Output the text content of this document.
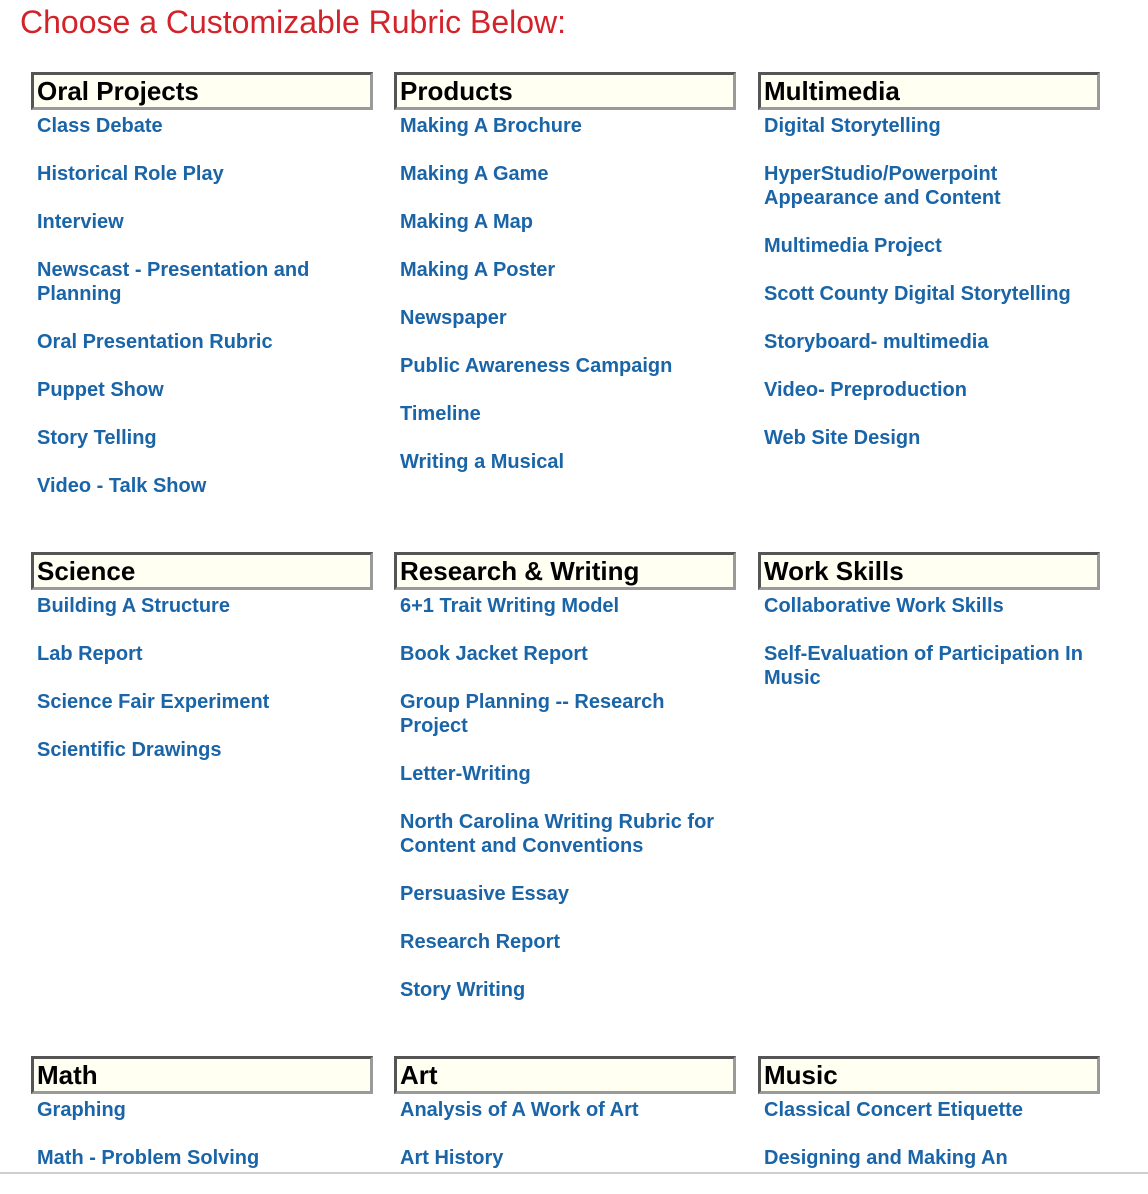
Choose a Customizable Rubric Below:
Oral Projects
Class Debate
Historical Role Play
Interview
Newscast - Presentation and Planning
Oral Presentation Rubric
Puppet Show
Story Telling
Video - Talk Show
Products
Making A Brochure
Making A Game
Making A Map
Making A Poster
Newspaper
Public Awareness Campaign
Timeline
Writing a Musical
Multimedia
Digital Storytelling
HyperStudio/Powerpoint Appearance and Content
Multimedia Project
Scott County Digital Storytelling
Storyboard- multimedia
Video- Preproduction
Web Site Design
Science
Building A Structure
Lab Report
Science Fair Experiment
Scientific Drawings
Research & Writing
6+1 Trait Writing Model
Book Jacket Report
Group Planning -- Research Project
Letter-Writing
North Carolina Writing Rubric for Content and Conventions
Persuasive Essay
Research Report
Story Writing
Work Skills
Collaborative Work Skills
Self-Evaluation of Participation In Music
Math
Graphing
Math - Problem Solving
Art
Analysis of A Work of Art
Art History
Music
Classical Concert Etiquette
Designing and Making An
